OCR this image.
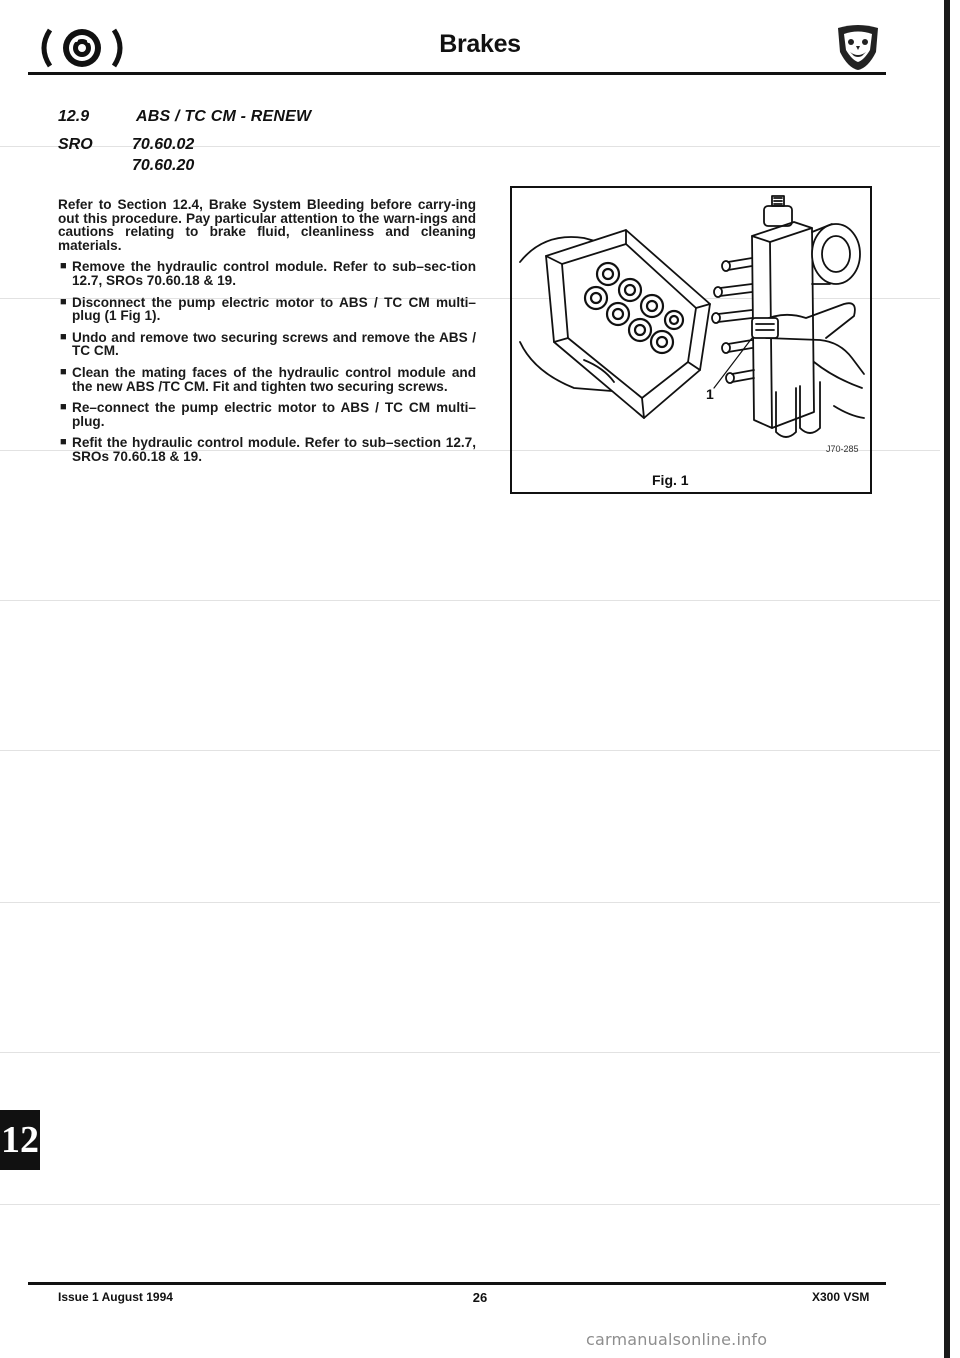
Brakes
12.9	ABS / TC CM - RENEW
SRO 70.60.02
70.60.20

Refer to Section 12.4, Brake System Bleeding before carry-ing out this procedure. Pay particular attention to the warn-ings and cautions relating to brake fluid, cleanliness and cleaning materials.

■ Remove the hydraulic control module. Refer to sub–sec-tion 12.7, SROs 70.60.18 & 19.
■ Disconnect the pump electric motor to ABS / TC CM multi–plug (1 Fig 1).
■ Undo and remove two securing screws and remove the ABS / TC CM.
■ Clean the mating faces of the hydraulic control module and the new ABS /TC CM. Fit and tighten two securing screws.
■ Re–connect the pump electric motor to ABS / TC CM multi–plug.
■ Refit the hydraulic control module. Refer to sub–section 12.7, SROs 70.60.18 & 19.
1
J70-285
Fig. 1
12
Issue 1 August 1994	26	X300 VSM
carmanualsonline.info
